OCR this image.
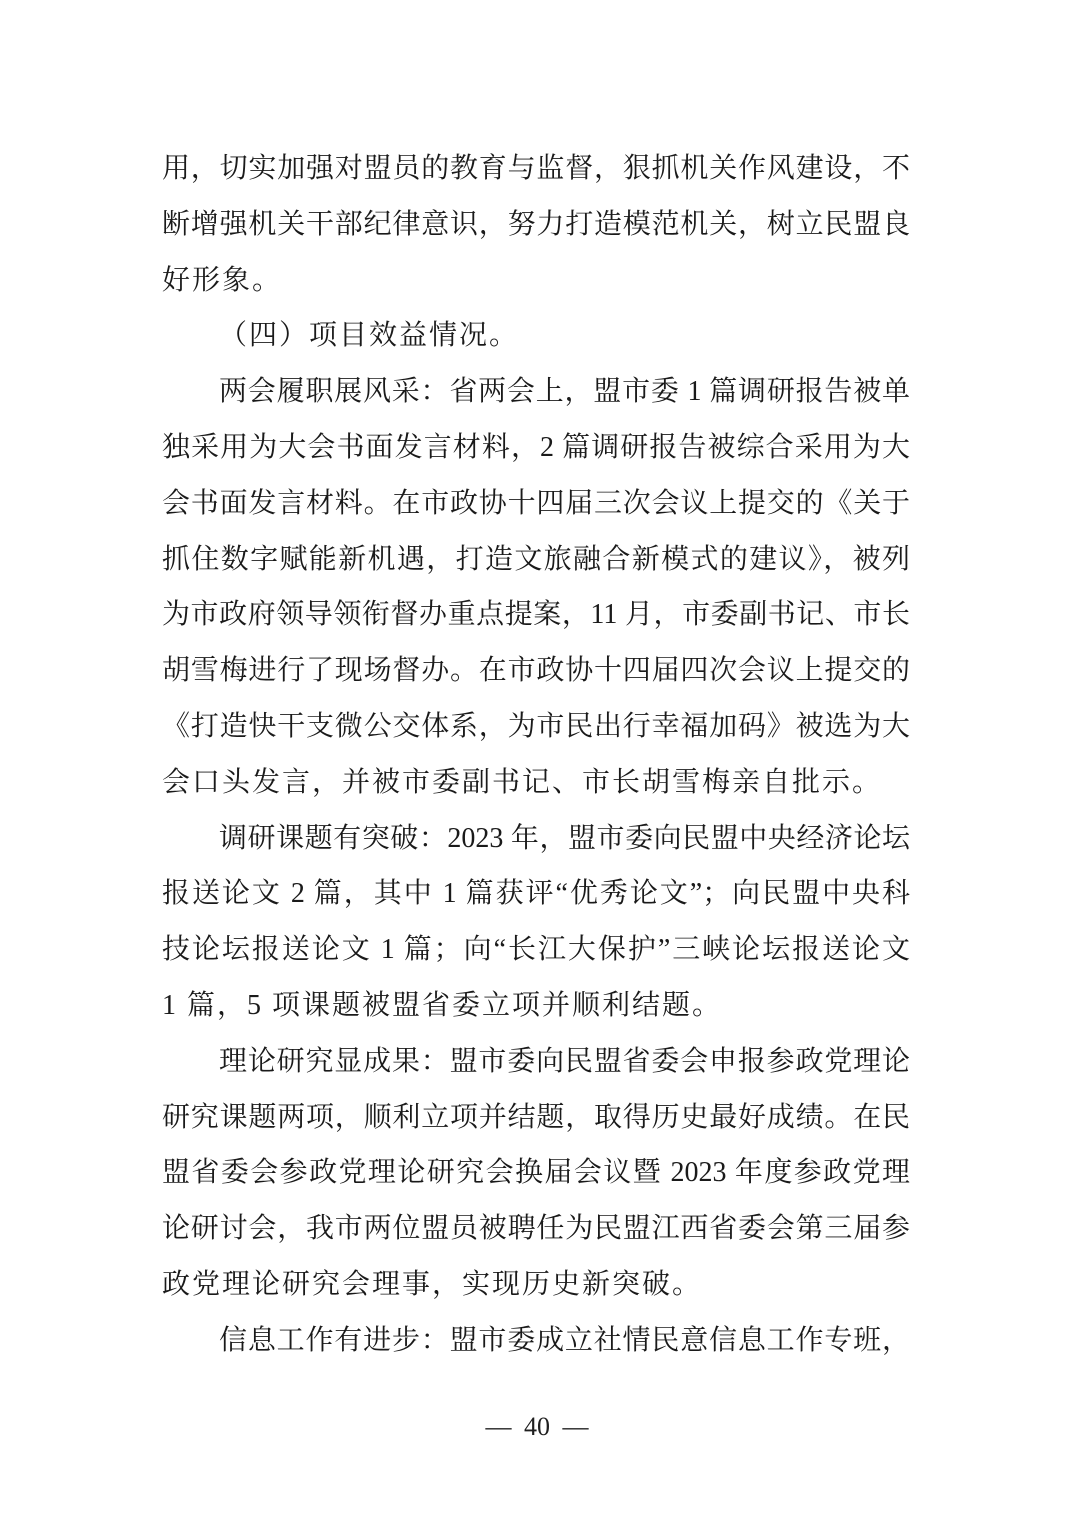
用，切实加强对盟员的教育与监督，狠抓机关作风建设，不
断增强机关干部纪律意识，努力打造模范机关，树立民盟良
好形象。
（四）项目效益情况。
两会履职展风采：省两会上，盟市委 1 篇调研报告被单
独采用为大会书面发言材料，2 篇调研报告被综合采用为大
会书面发言材料。在市政协十四届三次会议上提交的《关于
抓住数字赋能新机遇，打造文旅融合新模式的建议》，被列
为市政府领导领衔督办重点提案，11 月，市委副书记、市长
胡雪梅进行了现场督办。在市政协十四届四次会议上提交的
《打造快干支微公交体系，为市民出行幸福加码》被选为大
会口头发言，并被市委副书记、市长胡雪梅亲自批示。
调研课题有突破：2023 年，盟市委向民盟中央经济论坛
报送论文 2 篇，其中 1 篇获评“优秀论文”；向民盟中央科
技论坛报送论文 1 篇；向“长江大保护”三峡论坛报送论文
1 篇，5 项课题被盟省委立项并顺利结题。
理论研究显成果：盟市委向民盟省委会申报参政党理论
研究课题两项，顺利立项并结题，取得历史最好成绩。在民
盟省委会参政党理论研究会换届会议暨 2023 年度参政党理
论研讨会，我市两位盟员被聘任为民盟江西省委会第三届参
政党理论研究会理事，实现历史新突破。
信息工作有进步：盟市委成立社情民意信息工作专班，
— 40 —
